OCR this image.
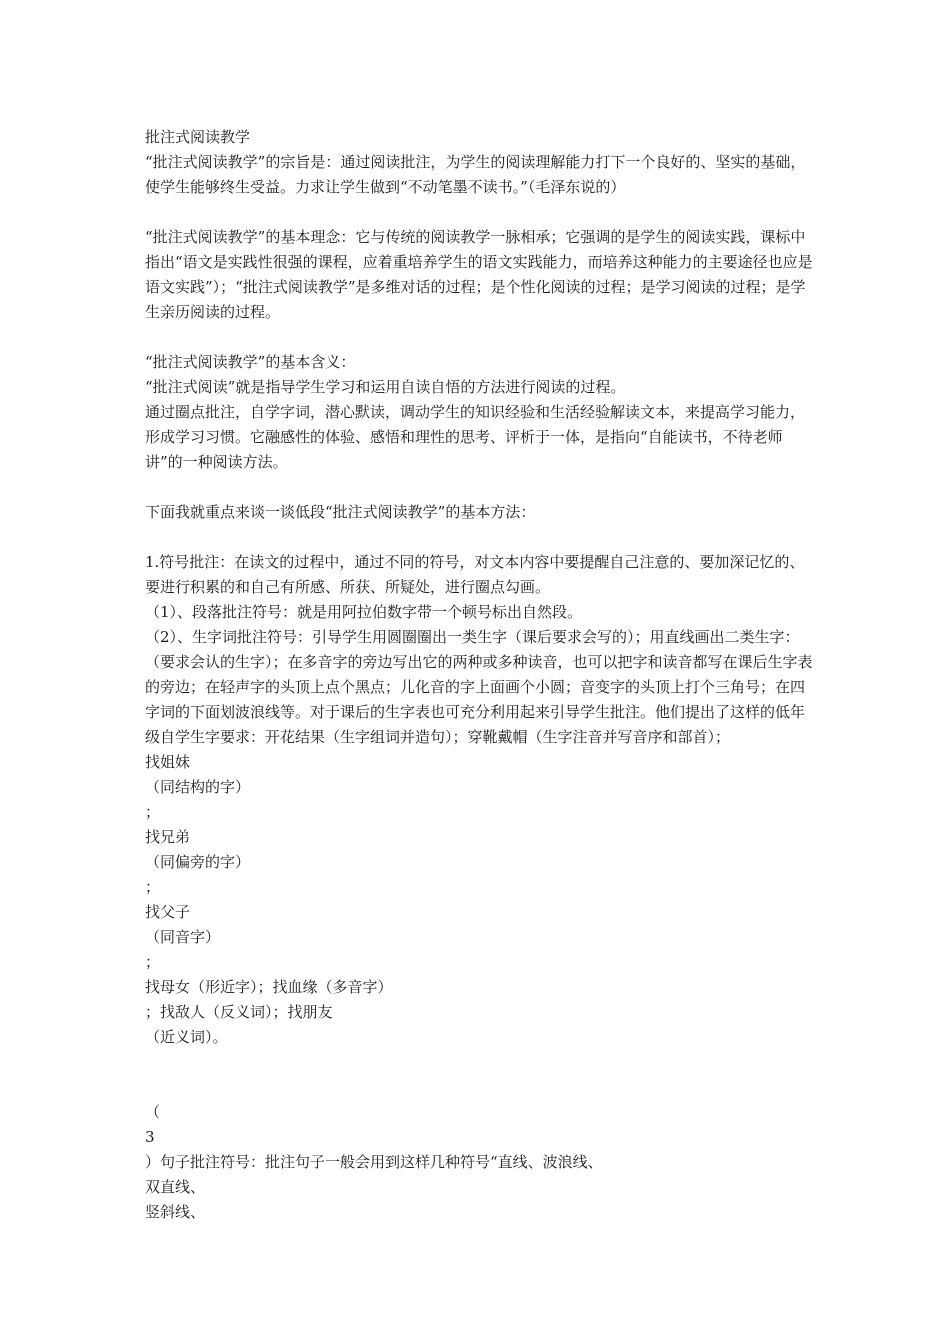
批注式阅读教学

“批注式阅读教学”的宗旨是：通过阅读批注，为学生的阅读理解能力打下一个良好的、坚实的基础，使学生能够终生受益。力求让学生做到“不动笔墨不读书。”（毛泽东说的）

“批注式阅读教学”的基本理念：它与传统的阅读教学一脉相承；它强调的是学生的阅读实践，课标中指出“语文是实践性很强的课程，应着重培养学生的语文实践能力，而培养这种能力的主要途径也应是语文实践”）；“批注式阅读教学”是多维对话的过程；是个性化阅读的过程；是学习阅读的过程；是学生亲历阅读的过程。

“批注式阅读教学”的基本含义：

“批注式阅读”就是指导学生学习和运用自读自悟的方法进行阅读的过程。

通过圈点批注，自学字词，潜心默读，调动学生的知识经验和生活经验解读文本，来提高学习能力，形成学习习惯。它融感性的体验、感悟和理性的思考、评析于一体，是指向“自能读书，不待老师讲”的一种阅读方法。

下面我就重点来谈一谈低段“批注式阅读教学”的基本方法：

1.符号批注：在读文的过程中，通过不同的符号，对文本内容中要提醒自己注意的、要加深记忆的、要进行积累的和自己有所感、所获、所疑处，进行圈点勾画。

（1）、段落批注符号：就是用阿拉伯数字带一个顿号标出自然段。

（2）、生字词批注符号：引导学生用圆圈圈出一类生字（课后要求会写的）；用直线画出二类生字：（要求会认的生字）；在多音字的旁边写出它的两种或多种读音，也可以把字和读音都写在课后生字表的旁边；在轻声字的头顶上点个黑点；儿化音的字上面画个小圆；音变字的头顶上打个三角号；在四字词的下面划波浪线等。对于课后的生字表也可充分利用起来引导学生批注。他们提出了这样的低年级自学生字要求：开花结果（生字组词并造句）；穿靴戴帽（生字注音并写音序和部首）；

找姐妹

（同结构的字）

；

找兄弟

（同偏旁的字）

；

找父子

（同音字）

；

找母女（形近字）；找血缘（多音字）

；找敌人（反义词）；找朋友

（近义词）。

（

3

）句子批注符号：批注句子一般会用到这样几种符号“直线、波浪线、

双直线、

竖斜线、
